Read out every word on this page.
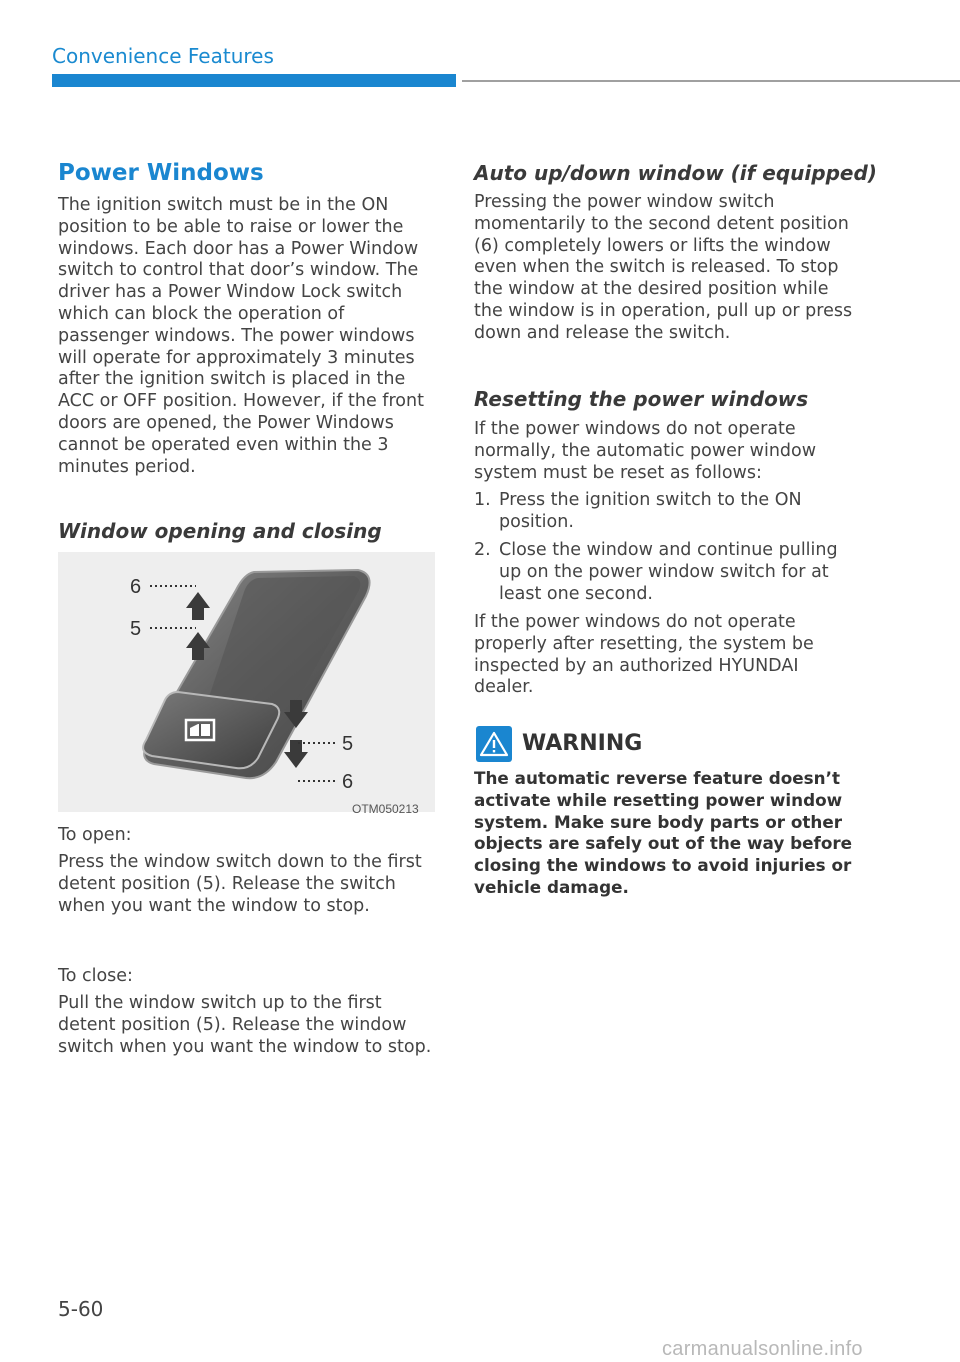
Convenience Features
Power Windows

The ignition switch must be in the ON position to be able to raise or lower the windows. Each door has a Power Window switch to control that door’s window. The driver has a Power Window Lock switch which can block the operation of passenger windows. The power windows will operate for approximately 3 minutes after the ignition switch is placed in the ACC or OFF position. However, if the front doors are opened, the Power Windows cannot be operated even within the 3 minutes period.

Window opening and closing
6
5
5
6
OTM050213

To open:

Press the window switch down to the first detent position (5). Release the switch when you want the window to stop.

To close:

Pull the window switch up to the first detent position (5). Release the window switch when you want the window to stop.

Auto up/down window (if equipped)

Pressing the power window switch momentarily to the second detent position (6) completely lowers or lifts the window even when the switch is released. To stop the window at the desired position while the window is in operation, pull up or press down and release the switch.

Resetting the power windows

If the power windows do not operate normally, the automatic power window system must be reset as follows:

1. Press the ignition switch to the ON position.
2. Close the window and continue pulling up on the power window switch for at least one second.

If the power windows do not operate properly after resetting, the system be inspected by an authorized HYUNDAI dealer.

WARNING

The automatic reverse feature doesn’t activate while resetting power window system. Make sure body parts or other objects are safely out of the way before closing the windows to avoid injuries or vehicle damage.

5-60
carmanualsonline.info
